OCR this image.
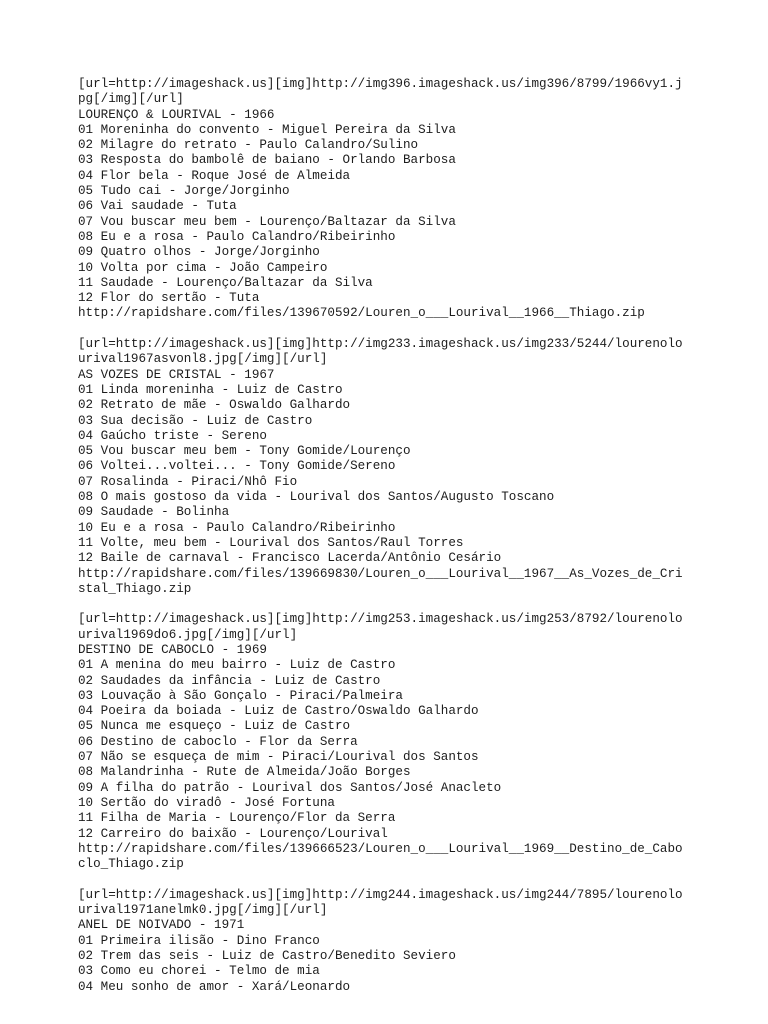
[url=http://imageshack.us][img]http://img396.imageshack.us/img396/8799/1966vy1.j
pg[/img][/url]
LOURENÇO & LOURIVAL - 1966
01 Moreninha do convento - Miguel Pereira da Silva
02 Milagre do retrato - Paulo Calandro/Sulino
03 Resposta do bambolê de baiano - Orlando Barbosa
04 Flor bela - Roque José de Almeida
05 Tudo cai - Jorge/Jorginho
06 Vai saudade - Tuta
07 Vou buscar meu bem - Lourenço/Baltazar da Silva
08 Eu e a rosa - Paulo Calandro/Ribeirinho
09 Quatro olhos - Jorge/Jorginho
10 Volta por cima - João Campeiro
11 Saudade - Lourenço/Baltazar da Silva
12 Flor do sertão - Tuta
http://rapidshare.com/files/139670592/Louren_o___Lourival__1966__Thiago.zip
[url=http://imageshack.us][img]http://img233.imageshack.us/img233/5244/lourenolo
urival1967asvonl8.jpg[/img][/url]
AS VOZES DE CRISTAL - 1967
01 Linda moreninha - Luiz de Castro
02 Retrato de mãe - Oswaldo Galhardo
03 Sua decisão - Luiz de Castro
04 Gaúcho triste - Sereno
05 Vou buscar meu bem - Tony Gomide/Lourenço
06 Voltei...voltei... - Tony Gomide/Sereno
07 Rosalinda - Piraci/Nhô Fio
08 O mais gostoso da vida - Lourival dos Santos/Augusto Toscano
09 Saudade - Bolinha
10 Eu e a rosa - Paulo Calandro/Ribeirinho
11 Volte, meu bem - Lourival dos Santos/Raul Torres
12 Baile de carnaval - Francisco Lacerda/Antônio Cesário
http://rapidshare.com/files/139669830/Louren_o___Lourival__1967__As_Vozes_de_Cri
stal_Thiago.zip
[url=http://imageshack.us][img]http://img253.imageshack.us/img253/8792/lourenolo
urival1969do6.jpg[/img][/url]
DESTINO DE CABOCLO - 1969
01 A menina do meu bairro - Luiz de Castro
02 Saudades da infância - Luiz de Castro
03 Louvação à São Gonçalo - Piraci/Palmeira
04 Poeira da boiada - Luiz de Castro/Oswaldo Galhardo
05 Nunca me esqueço - Luiz de Castro
06 Destino de caboclo - Flor da Serra
07 Não se esqueça de mim - Piraci/Lourival dos Santos
08 Malandrinha - Rute de Almeida/João Borges
09 A filha do patrão - Lourival dos Santos/José Anacleto
10 Sertão do viradô - José Fortuna
11 Filha de Maria - Lourenço/Flor da Serra
12 Carreiro do baixão - Lourenço/Lourival
http://rapidshare.com/files/139666523/Louren_o___Lourival__1969__Destino_de_Cabo
clo_Thiago.zip
[url=http://imageshack.us][img]http://img244.imageshack.us/img244/7895/lourenolo
urival1971anelmk0.jpg[/img][/url]
ANEL DE NOIVADO - 1971
01 Primeira ilisão - Dino Franco
02 Trem das seis - Luiz de Castro/Benedito Seviero
03 Como eu chorei - Telmo de mia
04 Meu sonho de amor - Xará/Leonardo
